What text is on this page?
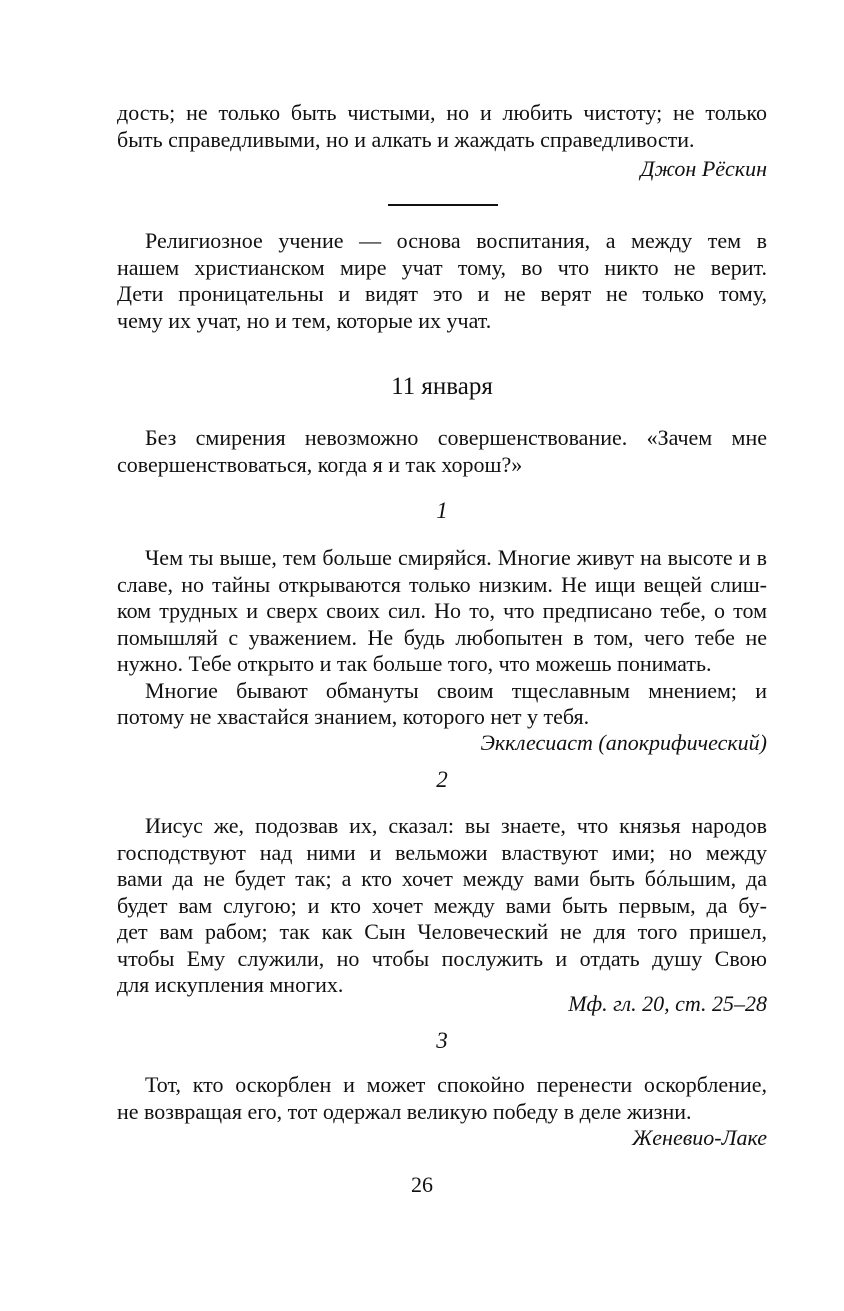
дость; не только быть чистыми, но и любить чистоту; не только
быть справедливыми, но и алкать и жаждать справедливости.
Джон Рёскин
Религиозное учение — основа воспитания, а между тем в
нашем христианском мире учат тому, во что никто не верит.
Дети проницательны и видят это и не верят не только тому,
чему их учат, но и тем, которые их учат.
11 января
Без смирения невозможно совершенствование. «Зачем мне
совершенствоваться, когда я и так хорош?»
1
Чем ты выше, тем больше смиряйся. Многие живут на высоте и в
славе, но тайны открываются только низким. Не ищи вещей слиш-
ком трудных и сверх своих сил. Но то, что предписано тебе, о том
помышляй с уважением. Не будь любопытен в том, чего тебе не
нужно. Тебе открыто и так больше того, что можешь понимать.
Многие бывают обмануты своим тщеславным мнением; и
потому не хвастайся знанием, которого нет у тебя.
Экклесиаст (апокрифический)
2
Иисус же, подозвав их, сказал: вы знаете, что князья народов
господствуют над ними и вельможи властвуют ими; но между
вами да не будет так; а кто хочет между вами быть бóльшим, да
будет вам слугою; и кто хочет между вами быть первым, да бу-
дет вам рабом; так как Сын Человеческий не для того пришел,
чтобы Ему служили, но чтобы послужить и отдать душу Свою
для искупления многих.
Мф. гл. 20, ст. 25–28
3
Тот, кто оскорблен и может спокойно перенести оскорбление,
не возвращая его, тот одержал великую победу в деле жизни.
Женевио-Лаке
26
